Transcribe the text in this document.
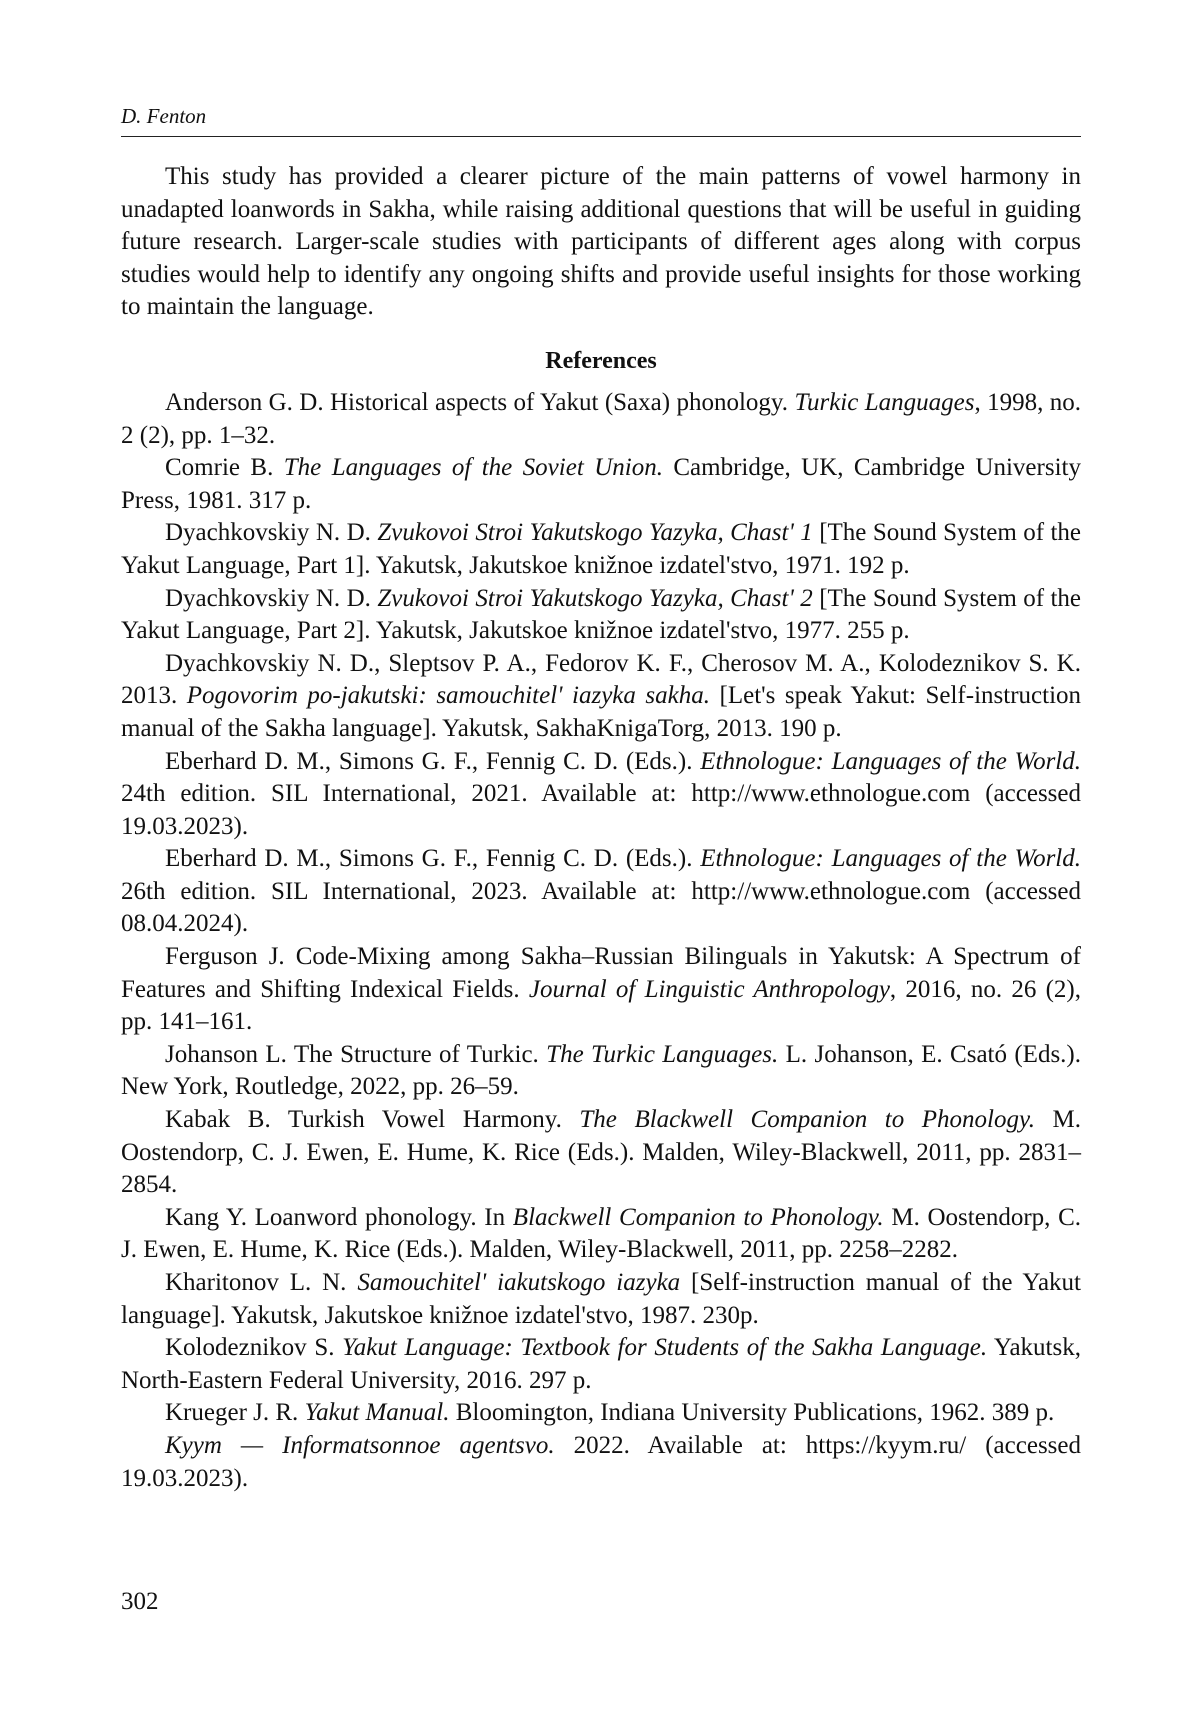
D. Fenton

This study has provided a clearer picture of the main patterns of vowel harmony in unadapted loanwords in Sakha, while raising additional questions that will be useful in guiding future research. Larger-scale studies with participants of different ages along with corpus studies would help to identify any ongoing shifts and provide useful insights for those working to maintain the language.

References

Anderson G. D. Historical aspects of Yakut (Saxa) phonology. Turkic Languages, 1998, no. 2 (2), pp. 1–32.

Comrie B. The Languages of the Soviet Union. Cambridge, UK, Cambridge University Press, 1981. 317 p.

Dyachkovskiy N. D. Zvukovoi Stroi Yakutskogo Yazyka, Chast' 1 [The Sound System of the Yakut Language, Part 1]. Yakutsk, Jakutskoe knižnoe izdatel'stvo, 1971. 192 p.

Dyachkovskiy N. D. Zvukovoi Stroi Yakutskogo Yazyka, Chast' 2 [The Sound System of the Yakut Language, Part 2]. Yakutsk, Jakutskoe knižnoe izdatel'stvo, 1977. 255 p.

Dyachkovskiy N. D., Sleptsov P. A., Fedorov K. F., Cherosov M. A., Kolodeznikov S. K. 2013. Pogovorim po-jakutski: samouchitel' iazyka sakha. [Let's speak Yakut: Self-instruction manual of the Sakha language]. Yakutsk, SakhaKnigaTorg, 2013. 190 p.

Eberhard D. M., Simons G. F., Fennig C. D. (Eds.). Ethnologue: Languages of the World. 24th edition. SIL International, 2021. Available at: http://www.ethnologue.com (accessed 19.03.2023).

Eberhard D. M., Simons G. F., Fennig C. D. (Eds.). Ethnologue: Languages of the World. 26th edition. SIL International, 2023. Available at: http://www.ethnologue.com (accessed 08.04.2024).

Ferguson J. Code-Mixing among Sakha–Russian Bilinguals in Yakutsk: A Spectrum of Features and Shifting Indexical Fields. Journal of Linguistic Anthropology, 2016, no. 26 (2), pp. 141–161.

Johanson L. The Structure of Turkic. The Turkic Languages. L. Johanson, E. Csató (Eds.). New York, Routledge, 2022, pp. 26–59.

Kabak B. Turkish Vowel Harmony. The Blackwell Companion to Phonology. M. Oostendorp, C. J. Ewen, E. Hume, K. Rice (Eds.). Malden, Wiley-Blackwell, 2011, pp. 2831–2854.

Kang Y. Loanword phonology. In Blackwell Companion to Phonology. M. Oostendorp, C. J. Ewen, E. Hume, K. Rice (Eds.). Malden, Wiley-Blackwell, 2011, pp. 2258–2282.

Kharitonov L. N. Samouchitel' iakutskogo iazyka [Self-instruction manual of the Yakut language]. Yakutsk, Jakutskoe knižnoe izdatel'stvo, 1987. 230p.

Kolodeznikov S. Yakut Language: Textbook for Students of the Sakha Language. Yakutsk, North-Eastern Federal University, 2016. 297 p.

Krueger J. R. Yakut Manual. Bloomington, Indiana University Publications, 1962. 389 p.

Kyym — Informatsonnoe agentsvo. 2022. Available at: https://kyym.ru/ (accessed 19.03.2023).

302
